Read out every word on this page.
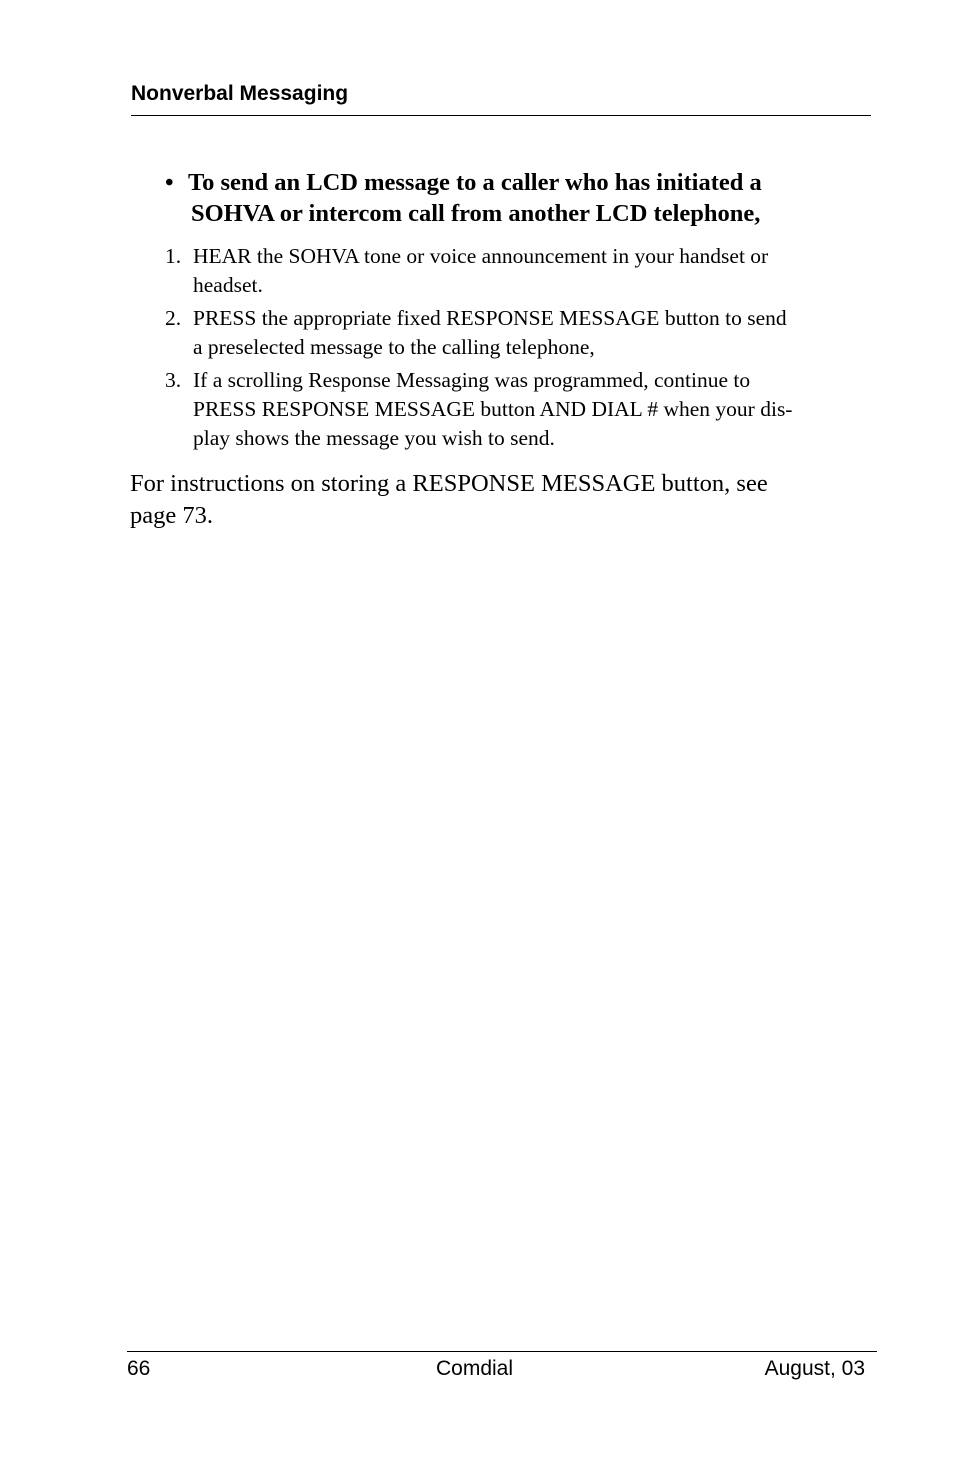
Nonverbal Messaging
• To send an LCD message to a caller who has initiated a
SOHVA or intercom call from another LCD telephone,
1. HEAR the SOHVA tone or voice announcement in your handset or
headset.
2. PRESS the appropriate fixed RESPONSE MESSAGE button to send
a preselected message to the calling telephone,
3. If a scrolling Response Messaging was programmed, continue to
PRESS RESPONSE MESSAGE button AND DIAL # when your dis-
play shows the message you wish to send.
For instructions on storing a RESPONSE MESSAGE button, see
page 73.
66	Comdial	August, 03
